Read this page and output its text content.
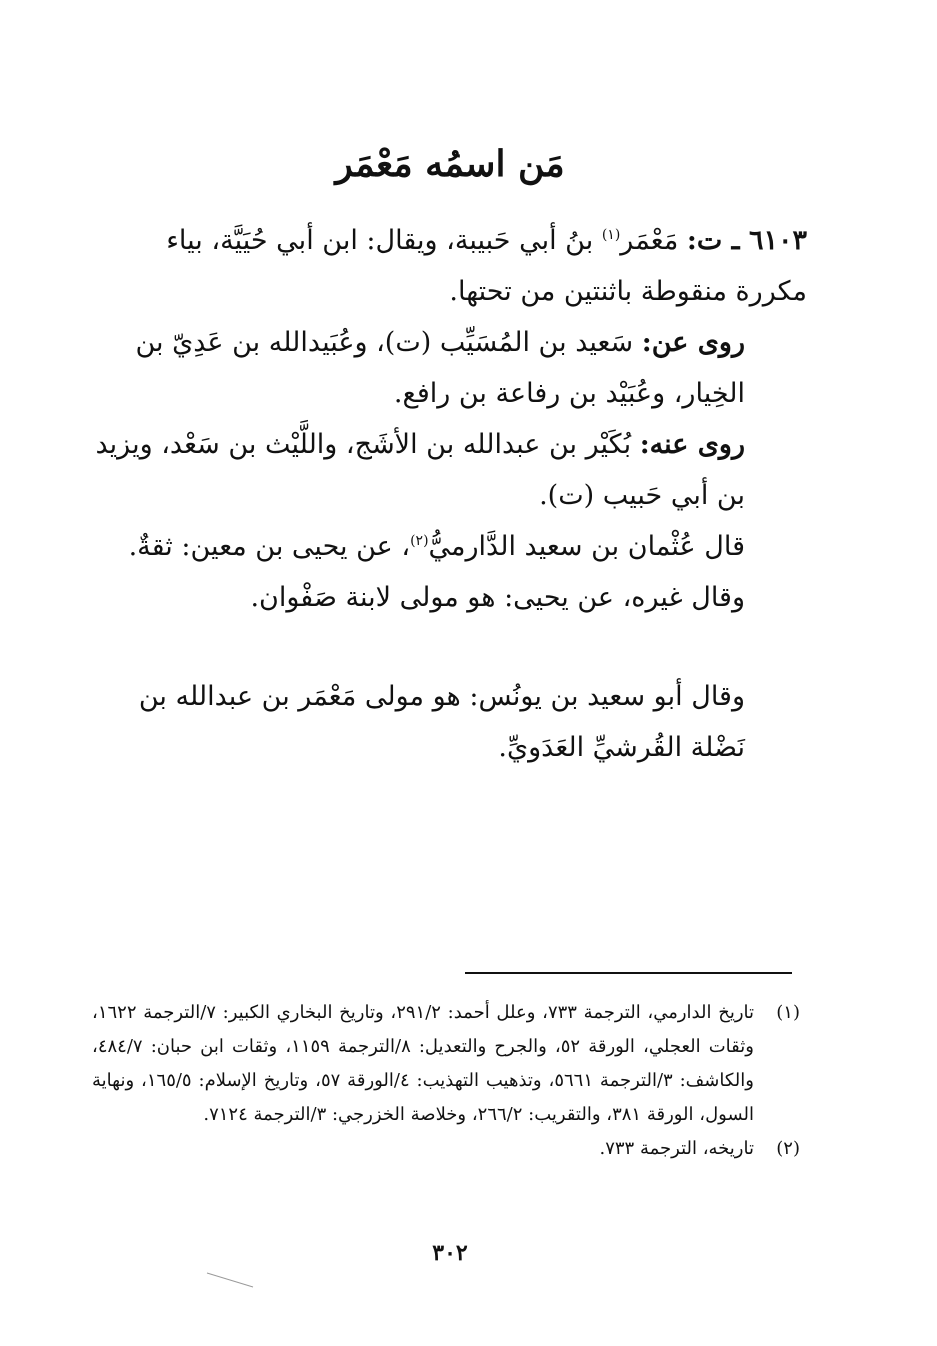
مَن اسمُه مَعْمَر

٦١٠٣ ـ ت: مَعْمَر$^{(١)}$ بنُ أبي حَبيبة، ويقال: ابن أبي حُيَيَّة، بياء مكررة منقوطة باثنتين من تحتها.

روى عن: سَعيد بن المُسَيِّب (ت)، وعُبَيدالله بن عَدِيّ بن الخِيار، وعُبَيْد بن رفاعة بن رافع.

روى عنه: بُكَيْر بن عبدالله بن الأشَج، واللَّيْث بن سَعْد، ويزيد بن أبي حَبيب (ت).

قال عُثْمان بن سعيد الدَّارميُّ$^{(٢)}$، عن يحيى بن معين: ثقةٌ.

وقال غيره، عن يحيى: هو مولى لابنة صَفْوان.

وقال أبو سعيد بن يونُس: هو مولى مَعْمَر بن عبدالله بن نَضْلة القُرشيِّ العَدَويِّ.

(١)
تاريخ الدارمي، الترجمة ٧٣٣، وعلل أحمد: ٢٩١/٢، وتاريخ البخاري الكبير: ٧/الترجمة ١٦٢٢، وثقات العجلي، الورقة ٥٢، والجرح والتعديل: ٨/الترجمة ١١٥٩، وثقات ابن حبان: ٤٨٤/٧، والكاشف: ٣/الترجمة ٥٦٦١، وتذهيب التهذيب: ٤/الورقة ٥٧، وتاريخ الإسلام: ١٦٥/٥، ونهاية السول، الورقة ٣٨١، والتقريب: ٢٦٦/٢، وخلاصة الخزرجي: ٣/الترجمة ٧١٢٤.
(٢)
تاريخه، الترجمة ٧٣٣.
٣٠٢
